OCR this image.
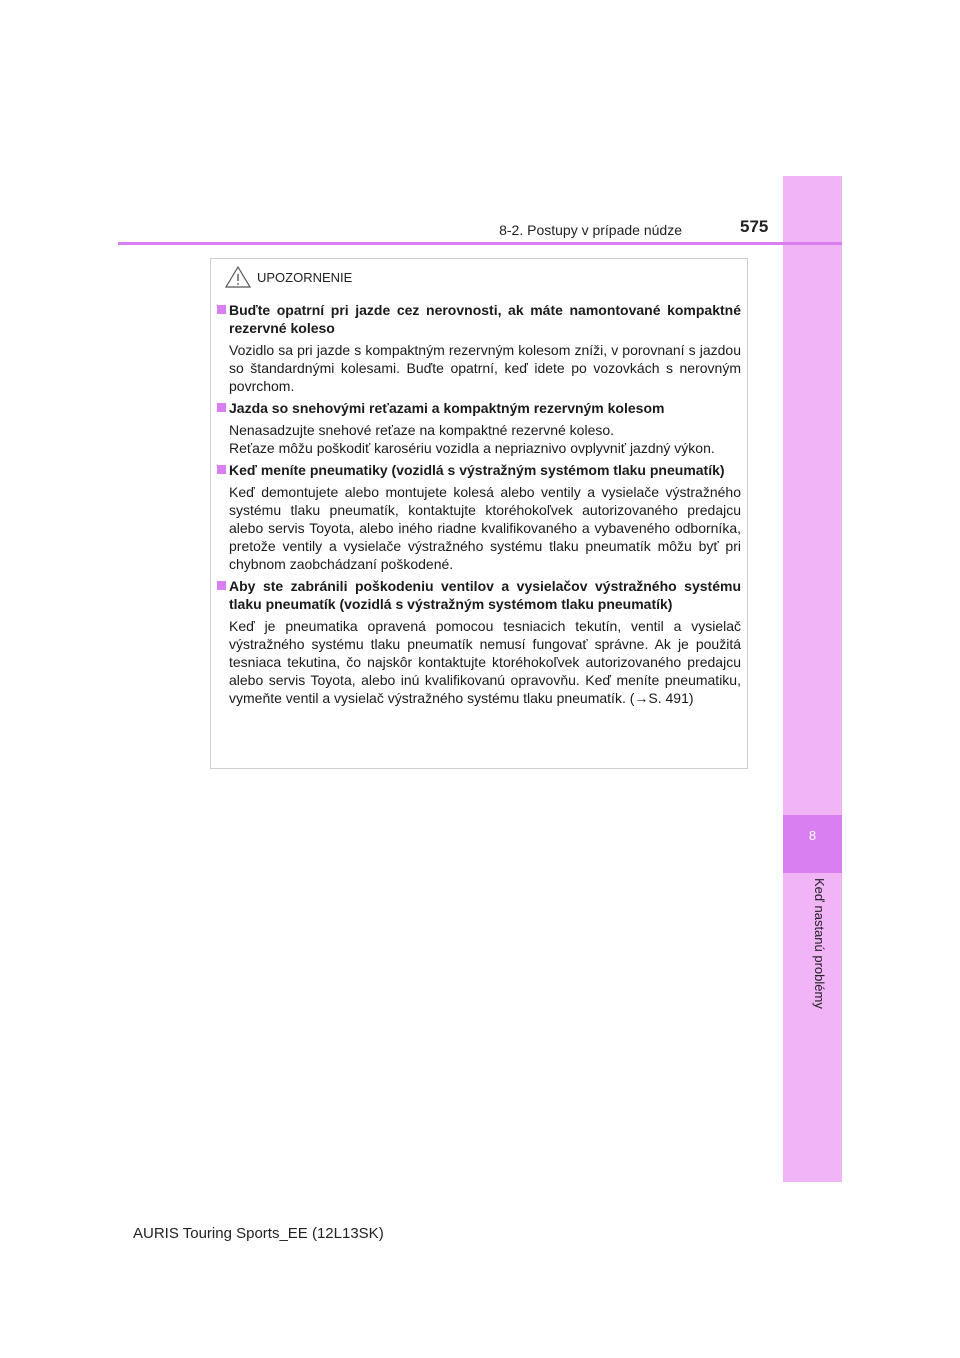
8
Keď nastanú problémy
8-2. Postupy v prípade núdze	575
UPOZORNENIE
Buďte opatrní pri jazde cez nerovnosti, ak máte namontované kompaktné rezervné koleso
Vozidlo sa pri jazde s kompaktným rezervným kolesom zníži, v porovnaní s jazdou so štandardnými kolesami. Buďte opatrní, keď idete po vozovkách s nerovným povrchom.
Jazda so snehovými reťazami a kompaktným rezervným kolesom
Nenasadzujte snehové reťaze na kompaktné rezervné koleso.
Reťaze môžu poškodiť karosériu vozidla a nepriaznivo ovplyvniť jazdný výkon.
Keď meníte pneumatiky (vozidlá s výstražným systémom tlaku pneumatík)
Keď demontujete alebo montujete kolesá alebo ventily a vysielače výstražného systému tlaku pneumatík, kontaktujte ktoréhokoľvek autorizovaného predajcu alebo servis Toyota, alebo iného riadne kvalifikovaného a vybaveného odborníka, pretože ventily a vysielače výstražného systému tlaku pneumatík môžu byť pri chybnom zaobchádzaní poškodené.
Aby ste zabránili poškodeniu ventilov a vysielačov výstražného systému tlaku pneumatík (vozidlá s výstražným systémom tlaku pneumatík)
Keď je pneumatika opravená pomocou tesniacich tekutín, ventil a vysielač výstražného systému tlaku pneumatík nemusí fungovať správne. Ak je použitá tesniaca tekutina, čo najskôr kontaktujte ktoréhokoľvek autorizovaného predajcu alebo servis Toyota, alebo inú kvalifikovanú opravovňu. Keď meníte pneumatiku, vymeňte ventil a vysielač výstražného systému tlaku pneumatík. (→S. 491)
AURIS Touring Sports_EE (12L13SK)
